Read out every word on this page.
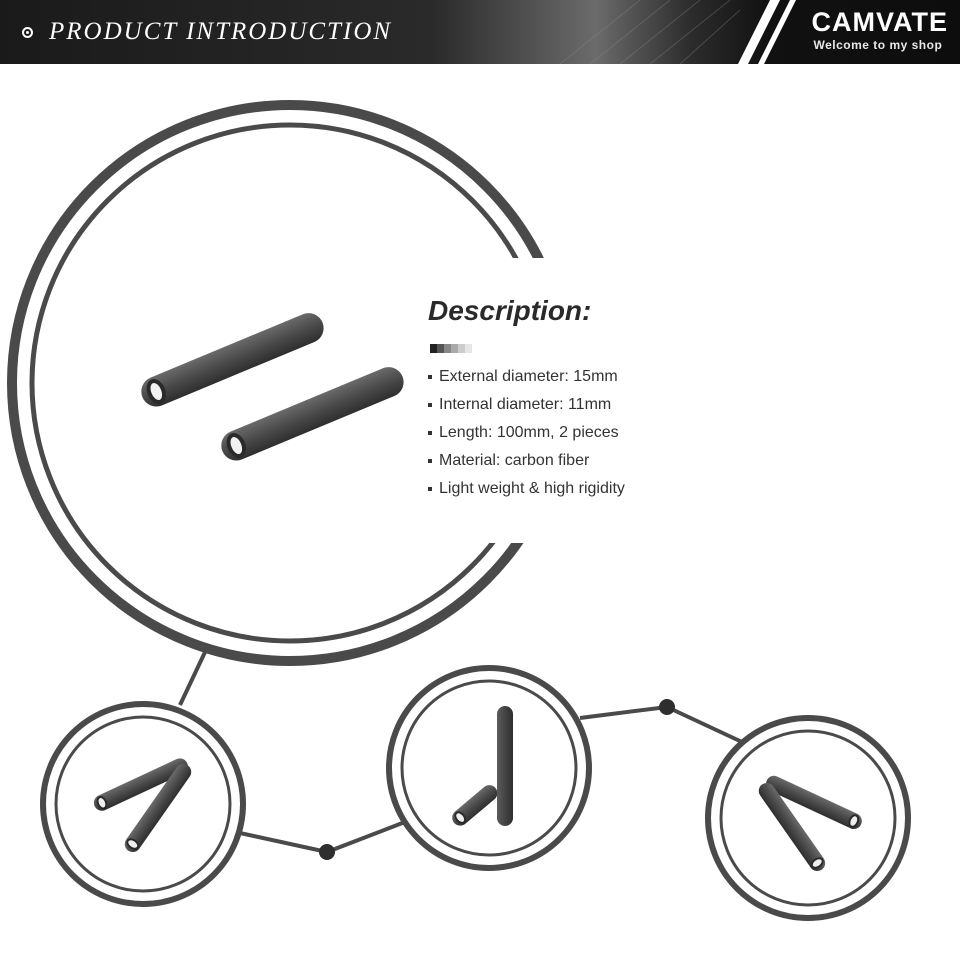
PRODUCT INTRODUCTION	CAMVATE
Welcome to my shop
Description:
External diameter: 15mm
Internal diameter: 11mm
Length: 100mm, 2 pieces
Material: carbon fiber
Light weight & high rigidity
